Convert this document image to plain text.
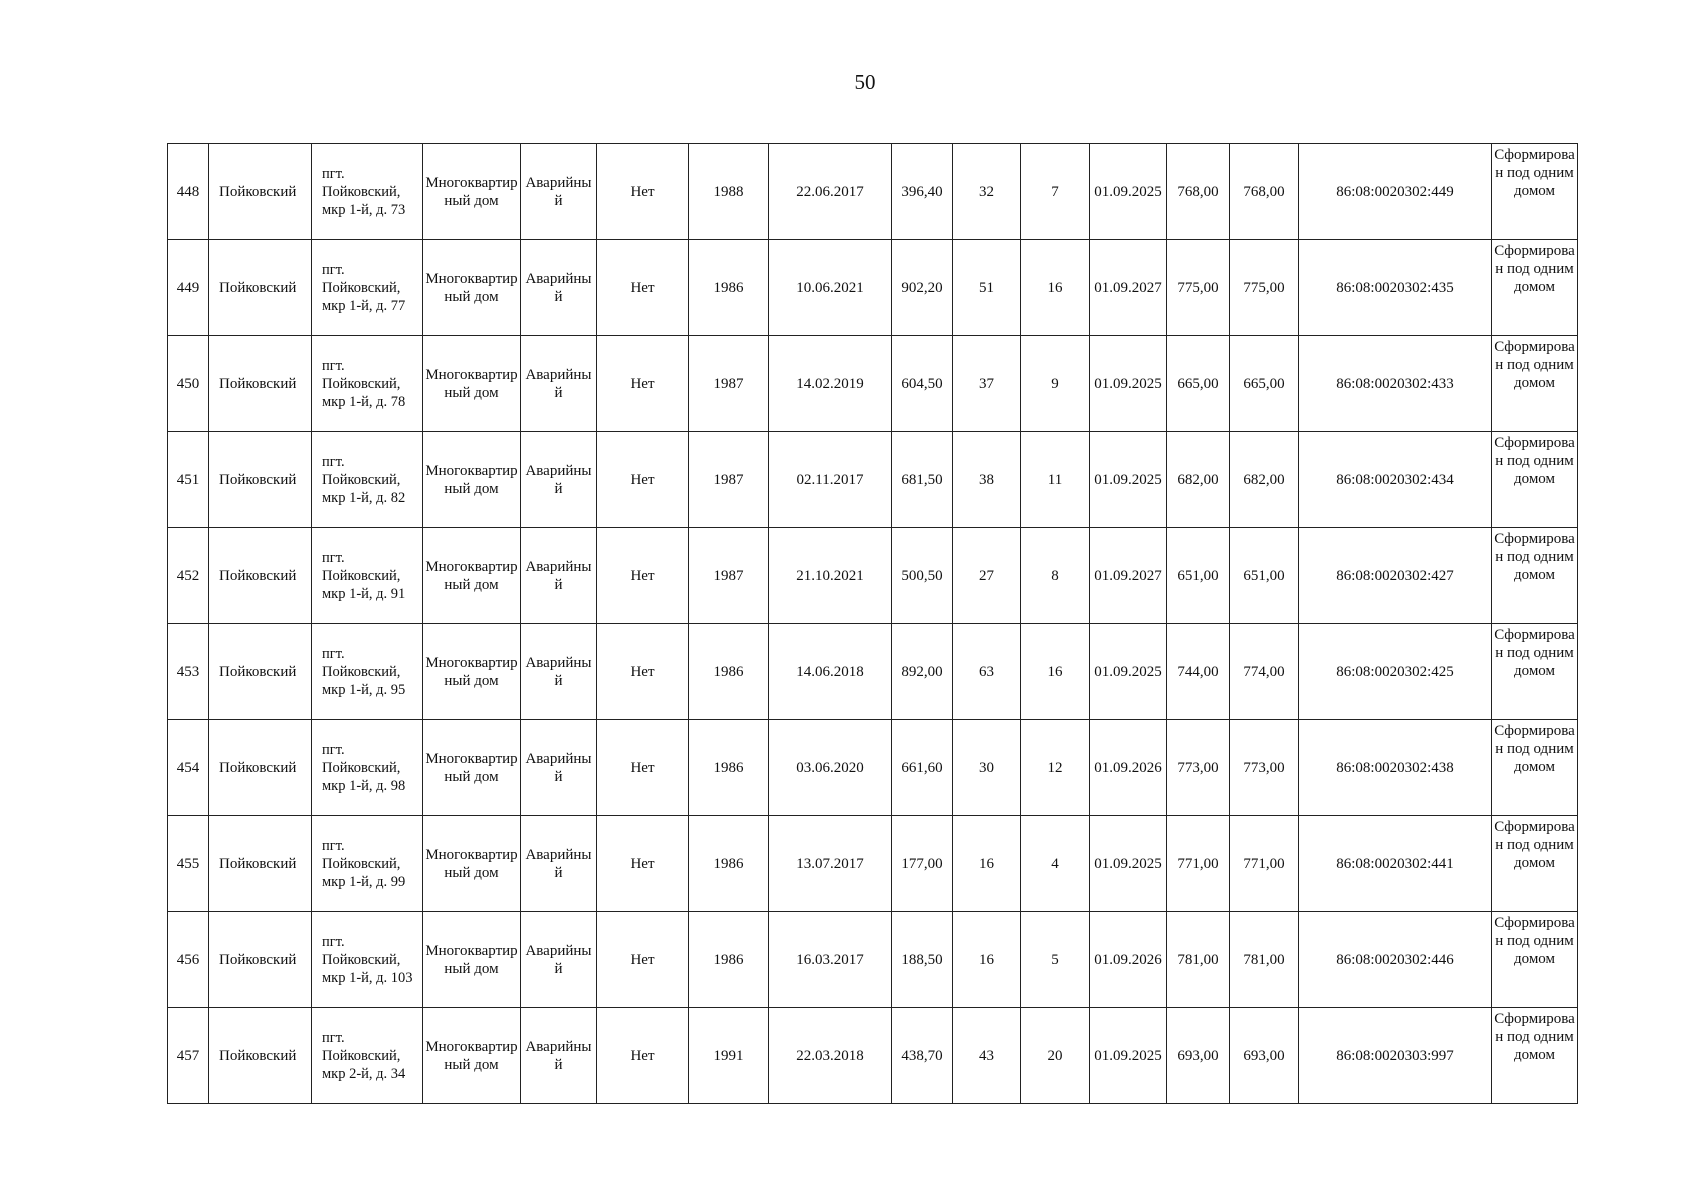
50
448	Пойковский	пгт. Пойковский, мкр 1-й, д. 73	Многоквартирный дом	Аварийный	Нет	1988	22.06.2017	396,40	32	7	01.09.2025	768,00	768,00	86:08:0020302:449	Сформирован под одним домом
449	Пойковский	пгт. Пойковский, мкр 1-й, д. 77	Многоквартирный дом	Аварийный	Нет	1986	10.06.2021	902,20	51	16	01.09.2027	775,00	775,00	86:08:0020302:435	Сформирован под одним домом
450	Пойковский	пгт. Пойковский, мкр 1-й, д. 78	Многоквартирный дом	Аварийный	Нет	1987	14.02.2019	604,50	37	9	01.09.2025	665,00	665,00	86:08:0020302:433	Сформирован под одним домом
451	Пойковский	пгт. Пойковский, мкр 1-й, д. 82	Многоквартирный дом	Аварийный	Нет	1987	02.11.2017	681,50	38	11	01.09.2025	682,00	682,00	86:08:0020302:434	Сформирован под одним домом
452	Пойковский	пгт. Пойковский, мкр 1-й, д. 91	Многоквартирный дом	Аварийный	Нет	1987	21.10.2021	500,50	27	8	01.09.2027	651,00	651,00	86:08:0020302:427	Сформирован под одним домом
453	Пойковский	пгт. Пойковский, мкр 1-й, д. 95	Многоквартирный дом	Аварийный	Нет	1986	14.06.2018	892,00	63	16	01.09.2025	744,00	774,00	86:08:0020302:425	Сформирован под одним домом
454	Пойковский	пгт. Пойковский, мкр 1-й, д. 98	Многоквартирный дом	Аварийный	Нет	1986	03.06.2020	661,60	30	12	01.09.2026	773,00	773,00	86:08:0020302:438	Сформирован под одним домом
455	Пойковский	пгт. Пойковский, мкр 1-й, д. 99	Многоквартирный дом	Аварийный	Нет	1986	13.07.2017	177,00	16	4	01.09.2025	771,00	771,00	86:08:0020302:441	Сформирован под одним домом
456	Пойковский	пгт. Пойковский, мкр 1-й, д. 103	Многоквартирный дом	Аварийный	Нет	1986	16.03.2017	188,50	16	5	01.09.2026	781,00	781,00	86:08:0020302:446	Сформирован под одним домом
457	Пойковский	пгт. Пойковский, мкр 2-й, д. 34	Многоквартирный дом	Аварийный	Нет	1991	22.03.2018	438,70	43	20	01.09.2025	693,00	693,00	86:08:0020303:997	Сформирован под одним домом
